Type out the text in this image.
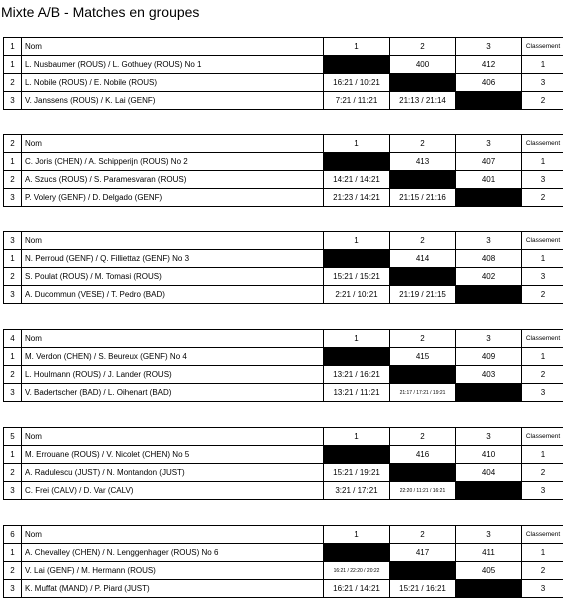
Mixte A/B - Matches en groupes
1	Nom	1	2	3	Classement
1	L. Nusbaumer (ROUS) / L. Gothuey (ROUS) No 1		400	412	1
2	L. Nobile (ROUS) / E. Nobile (ROUS)	16:21 / 10:21		406	3
3	V. Janssens (ROUS) / K. Lai (GENF)	7:21 / 11:21	21:13 / 21:14		2
2	Nom	1	2	3	Classement
1	C. Joris (CHEN) / A. Schipperijn (ROUS) No 2		413	407	1
2	A. Szucs (ROUS) / S. Paramesvaran (ROUS)	14:21 / 14:21		401	3
3	P. Volery (GENF) / D. Delgado (GENF)	21:23 / 14:21	21:15 / 21:16		2
3	Nom	1	2	3	Classement
1	N. Perroud (GENF) / Q. Filliettaz (GENF) No 3		414	408	1
2	S. Poulat (ROUS) / M. Tomasi (ROUS)	15:21 / 15:21		402	3
3	A. Ducommun (VESE) / T. Pedro (BAD)	2:21 / 10:21	21:19 / 21:15		2
4	Nom	1	2	3	Classement
1	M. Verdon (CHEN) / S. Beureux (GENF) No 4		415	409	1
2	L. Houlmann (ROUS) / J. Lander (ROUS)	13:21 / 16:21		403	2
3	V. Badertscher (BAD) / L. Oihenart (BAD)	13:21 / 11:21	21:17 / 17:21 / 19:21		3
5	Nom	1	2	3	Classement
1	M. Errouane (ROUS) / V. Nicolet (CHEN) No 5		416	410	1
2	A. Radulescu (JUST) / N. Montandon (JUST)	15:21 / 19:21		404	2
3	C. Frei (CALV) / D. Var (CALV)	3:21 / 17:21	22:20 / 11:21 / 16:21		3
6	Nom	1	2	3	Classement
1	A. Chevalley (CHEN) / N. Lenggenhager (ROUS) No 6		417	411	1
2	V. Lai (GENF) / M. Hermann (ROUS)	16:21 / 22:20 / 20:22		405	2
3	K. Muffat (MAND) / P. Piard (JUST)	16:21 / 14:21	15:21 / 16:21		3
